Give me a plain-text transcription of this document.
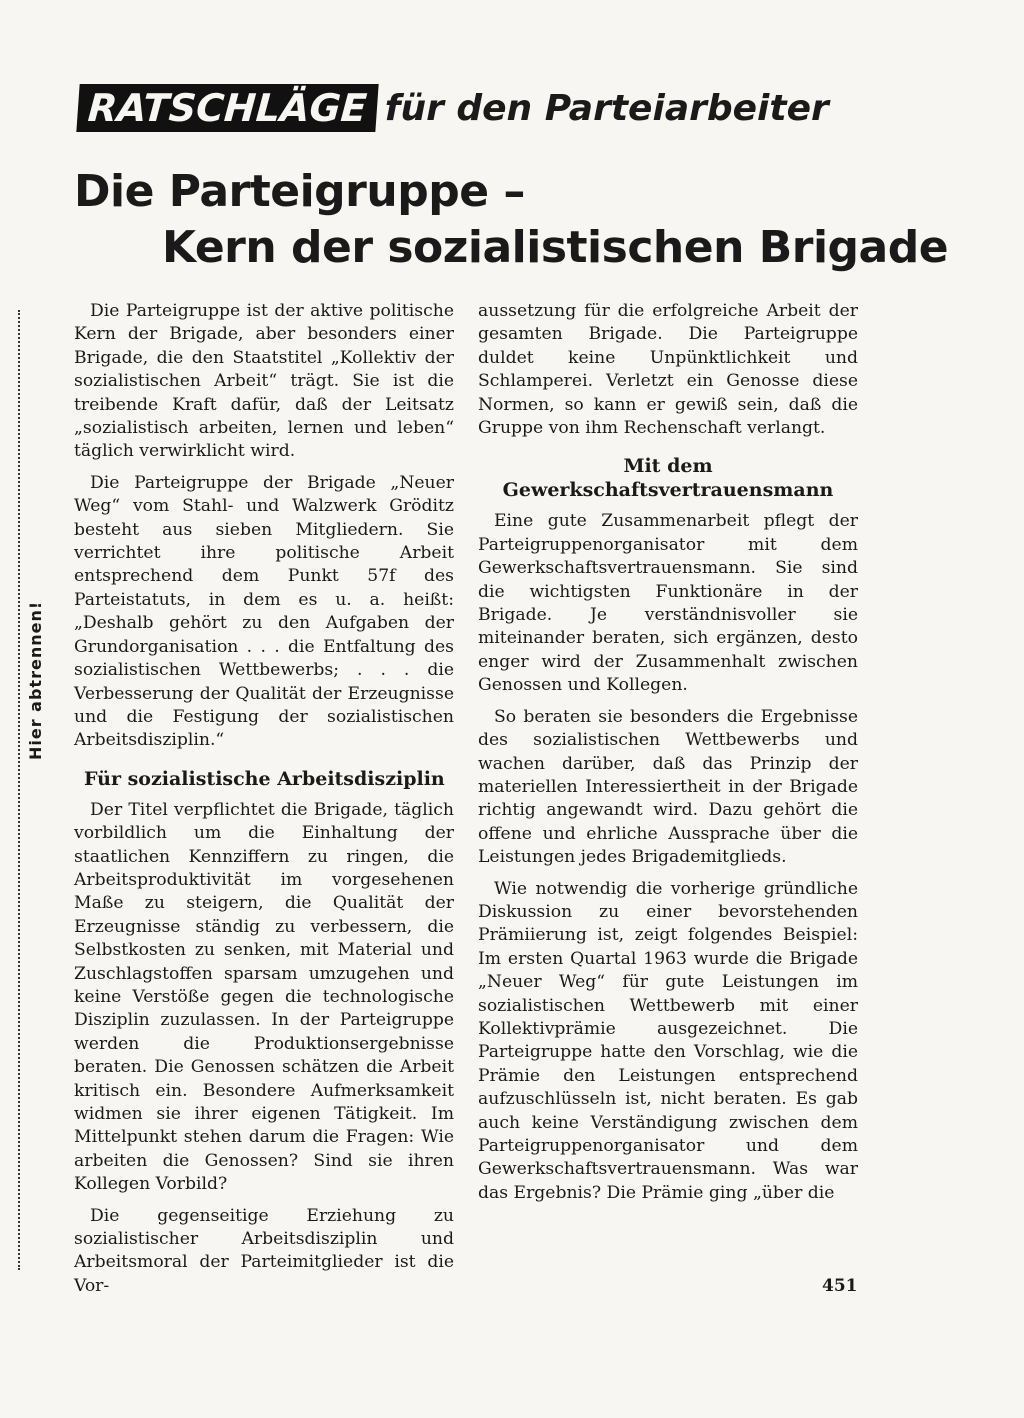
Hier abtrennen!
RATSCHLÄGE für den Parteiarbeiter
Die Parteigruppe –
Kern der sozialistischen Brigade

Die Parteigruppe ist der aktive politische Kern der Brigade, aber besonders einer Brigade, die den Staatstitel „Kollektiv der sozialistischen Arbeit“ trägt. Sie ist die treibende Kraft dafür, daß der Leitsatz „sozialistisch arbeiten, lernen und leben“ täglich verwirklicht wird.

Die Parteigruppe der Brigade „Neuer Weg“ vom Stahl- und Walzwerk Gröditz besteht aus sieben Mitgliedern. Sie verrichtet ihre politische Arbeit entsprechend dem Punkt 57f des Parteistatuts, in dem es u. a. heißt: „Deshalb gehört zu den Aufgaben der Grundorganisation . . . die Entfaltung des sozialistischen Wettbewerbs; . . . die Verbesserung der Qualität der Erzeugnisse und die Festigung der sozialistischen Arbeitsdisziplin.“

Für sozialistische Arbeitsdisziplin

Der Titel verpflichtet die Brigade, täglich vorbildlich um die Einhaltung der staatlichen Kennziffern zu ringen, die Arbeitsproduktivität im vorgesehenen Maße zu steigern, die Qualität der Erzeugnisse ständig zu verbessern, die Selbstkosten zu senken, mit Material und Zuschlagstoffen sparsam umzugehen und keine Verstöße gegen die technologische Disziplin zuzulassen. In der Parteigruppe werden die Produktionsergebnisse beraten. Die Genossen schätzen die Arbeit kritisch ein. Besondere Aufmerksamkeit widmen sie ihrer eigenen Tätigkeit. Im Mittelpunkt stehen darum die Fragen: Wie arbeiten die Genossen? Sind sie ihren Kollegen Vorbild?

Die gegenseitige Erziehung zu sozialistischer Arbeitsdisziplin und Arbeitsmoral der Parteimitglieder ist die Vor-

aussetzung für die erfolgreiche Arbeit der gesamten Brigade. Die Parteigruppe duldet keine Unpünktlichkeit und Schlamperei. Verletzt ein Genosse diese Normen, so kann er gewiß sein, daß die Gruppe von ihm Rechenschaft verlangt.

Mit dem
Gewerkschaftsvertrauensmann

Eine gute Zusammenarbeit pflegt der Parteigruppenorganisator mit dem Gewerkschaftsvertrauensmann. Sie sind die wichtigsten Funktionäre in der Brigade. Je verständnisvoller sie miteinander beraten, sich ergänzen, desto enger wird der Zusammenhalt zwischen Genossen und Kollegen.

So beraten sie besonders die Ergebnisse des sozialistischen Wettbewerbs und wachen darüber, daß das Prinzip der materiellen Interessiertheit in der Brigade richtig angewandt wird. Dazu gehört die offene und ehrliche Aussprache über die Leistungen jedes Brigademitglieds.

Wie notwendig die vorherige gründliche Diskussion zu einer bevorstehenden Prämiierung ist, zeigt folgendes Beispiel: Im ersten Quartal 1963 wurde die Brigade „Neuer Weg“ für gute Leistungen im sozialistischen Wettbewerb mit einer Kollektivprämie ausgezeichnet. Die Parteigruppe hatte den Vorschlag, wie die Prämie den Leistungen entsprechend aufzuschlüsseln ist, nicht beraten. Es gab auch keine Verständigung zwischen dem Parteigruppenorganisator und dem Gewerkschaftsvertrauensmann. Was war das Ergebnis? Die Prämie ging „über die

451
